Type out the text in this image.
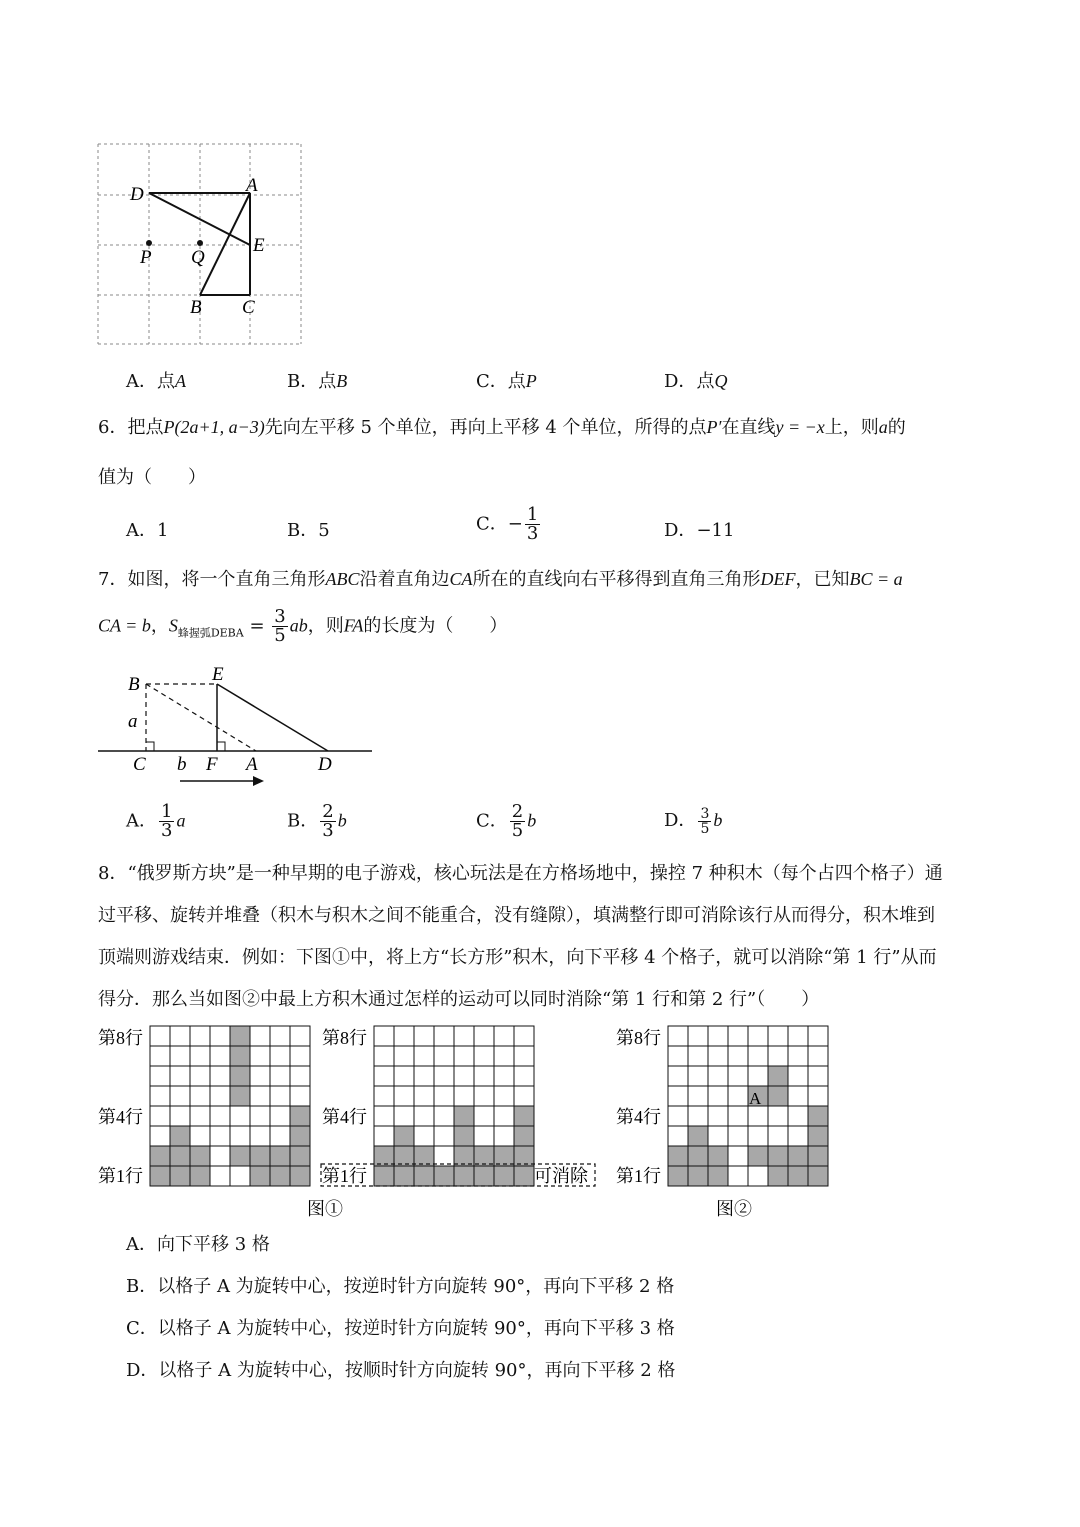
D	A
E
P Q
B C
A．点A	B．点B	C．点P	D．点Q
6．把点P(2a+1, a−3)先向左平移 5 个单位，再向上平移 4 个单位，所得的点P′在直线y = −x上，则a的
值为（　　）
A．1	B．5	C．− $\frac{1}{3}$	D．−11
7．如图，将一个直角三角形ABC沿着直角边CA所在的直线向右平移得到直角三角形DEF，已知BC = a
CA = b，$S_{蜂握弧DEBA} = \frac{3}{5}$ ab，则FA的长度为（　　）
B	E
a
C b F A	D
A． $\frac{1}{3}$ a	B． $\frac{2}{3}$ b	C． $\frac{2}{5}$ b	D． $\frac{3}{5}$ b
8．“俄罗斯方块”是一种早期的电子游戏，核心玩法是在方格场地中，操控 7 种积木（每个占四个格子）通
过平移、旋转并堆叠（积木与积木之间不能重合，没有缝隙），填满整行即可消除该行从而得分，积木堆到
顶端则游戏结束．例如：下图①中，将上方“长方形”积木，向下平移 4 个格子，就可以消除“第 1 行”从而
得分．那么当如图②中最上方积木通过怎样的运动可以同时消除“第 1 行和第 2 行”（　　）
第8行
第4行
第1行
第8行
第4行
第1行	可消除
第8行
第4行
第1行
A
图①	图②
A．向下平移 3 格
B．以格子 A 为旋转中心，按逆时针方向旋转 90°，再向下平移 2 格
C．以格子 A 为旋转中心，按逆时针方向旋转 90°，再向下平移 3 格
D．以格子 A 为旋转中心，按顺时针方向旋转 90°，再向下平移 2 格
